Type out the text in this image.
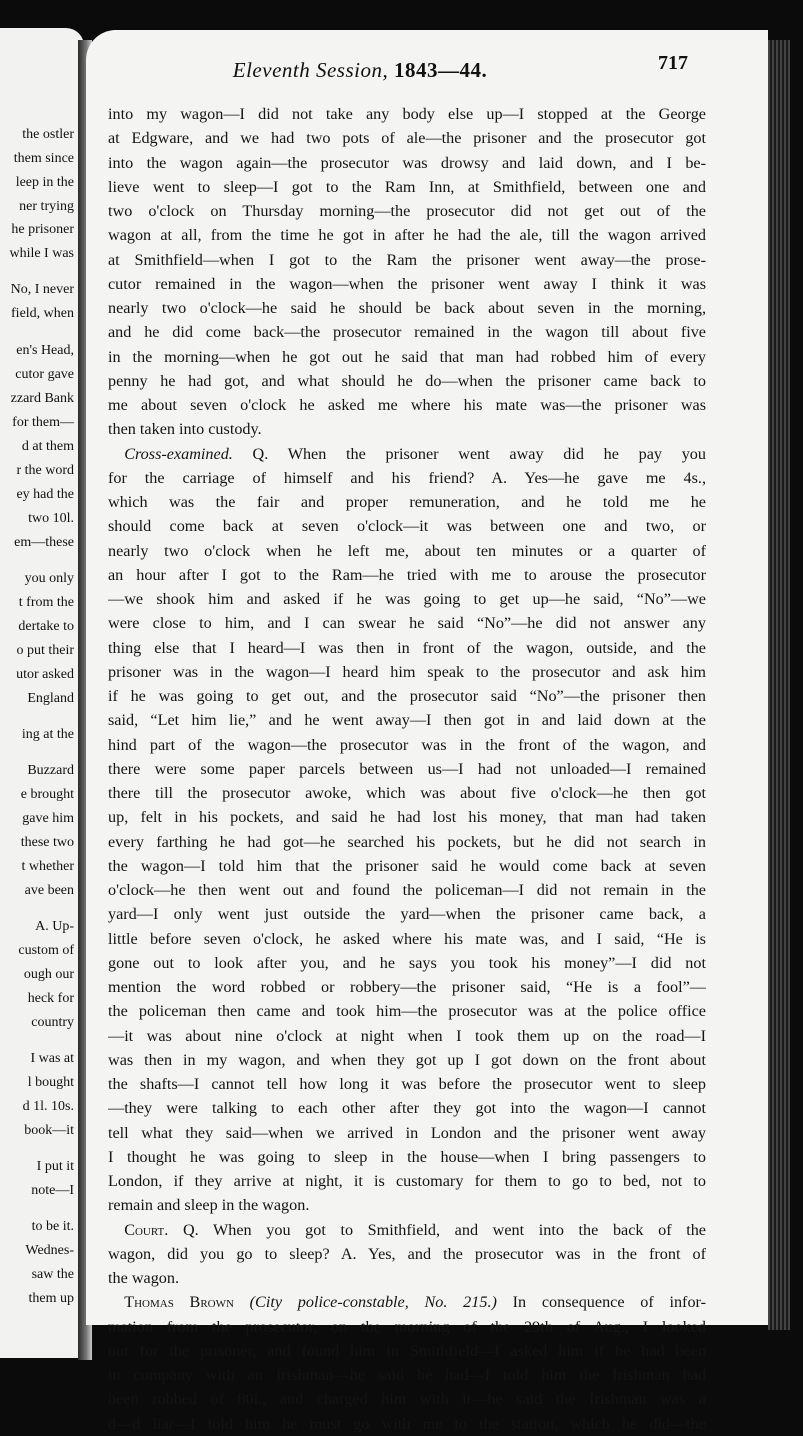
the ostler
them since
leep in the
ner trying
he prisoner
while I was
No, I never
field, when
en's Head,
cutor gave
zzard Bank
for them—
d at them
r the word
ey had the
two 10l.
em—these
you only
t from the
dertake to
o put their
utor asked
England
ing at the
Buzzard
e brought
gave him
these two
t whether
ave been
A. Up-
custom of
ough our
heck for
country
I was at
l bought
d 1l. 10s.
book—it
I put it
note—I
to be it.
Wednes-
saw the
them up
Eleventh Session, 1843—44.	717
into my wagon—I did not take any body else up—I stopped at the George
at Edgware, and we had two pots of ale—the prisoner and the prosecutor got
into the wagon again—the prosecutor was drowsy and laid down, and I be-
lieve went to sleep—I got to the Ram Inn, at Smithfield, between one and
two o'clock on Thursday morning—the prosecutor did not get out of the
wagon at all, from the time he got in after he had the ale, till the wagon arrived
at Smithfield—when I got to the Ram the prisoner went away—the prose-
cutor remained in the wagon—when the prisoner went away I think it was
nearly two o'clock—he said he should be back about seven in the morning,
and he did come back—the prosecutor remained in the wagon till about five
in the morning—when he got out he said that man had robbed him of every
penny he had got, and what should he do—when the prisoner came back to
me about seven o'clock he asked me where his mate was—the prisoner was
then taken into custody.
 Cross-examined. Q. When the prisoner went away did he pay you
for the carriage of himself and his friend? A. Yes—he gave me 4s.,
which was the fair and proper remuneration, and he told me he
should come back at seven o'clock—it was between one and two, or
nearly two o'clock when he left me, about ten minutes or a quarter of
an hour after I got to the Ram—he tried with me to arouse the prosecutor
—we shook him and asked if he was going to get up—he said, “No”—we
were close to him, and I can swear he said “No”—he did not answer any
thing else that I heard—I was then in front of the wagon, outside, and the
prisoner was in the wagon—I heard him speak to the prosecutor and ask him
if he was going to get out, and the prosecutor said “No”—the prisoner then
said, “Let him lie,” and he went away—I then got in and laid down at the
hind part of the wagon—the prosecutor was in the front of the wagon, and
there were some paper parcels between us—I had not unloaded—I remained
there till the prosecutor awoke, which was about five o'clock—he then got
up, felt in his pockets, and said he had lost his money, that man had taken
every farthing he had got—he searched his pockets, but he did not search in
the wagon—I told him that the prisoner said he would come back at seven
o'clock—he then went out and found the policeman—I did not remain in the
yard—I only went just outside the yard—when the prisoner came back, a
little before seven o'clock, he asked where his mate was, and I said, “He is
gone out to look after you, and he says you took his money”—I did not
mention the word robbed or robbery—the prisoner said, “He is a fool”—
the policeman then came and took him—the prosecutor was at the police office
—it was about nine o'clock at night when I took them up on the road—I
was then in my wagon, and when they got up I got down on the front about
the shafts—I cannot tell how long it was before the prosecutor went to sleep
—they were talking to each other after they got into the wagon—I cannot
tell what they said—when we arrived in London and the prisoner went away
I thought he was going to sleep in the house—when I bring passengers to
London, if they arrive at night, it is customary for them to go to bed, not to
remain and sleep in the wagon.
 Court. Q. When you got to Smithfield, and went into the back of the
wagon, did you go to sleep? A. Yes, and the prosecutor was in the front of
the wagon.
 Thomas Brown (City police-constable, No. 215.) In consequence of infor-
mation from the prosecutor, on the morning of the 29th of Aug., I looked
out for the prisoner, and found him in Smithfield—I asked him if he had been
in company with an Irishman—he said he had—I told him the Irishman had
been robbed of 80l., and charged him with it—he said the Irishman was a
d—d liar—I told him he must go with me to the station, which he did—the
